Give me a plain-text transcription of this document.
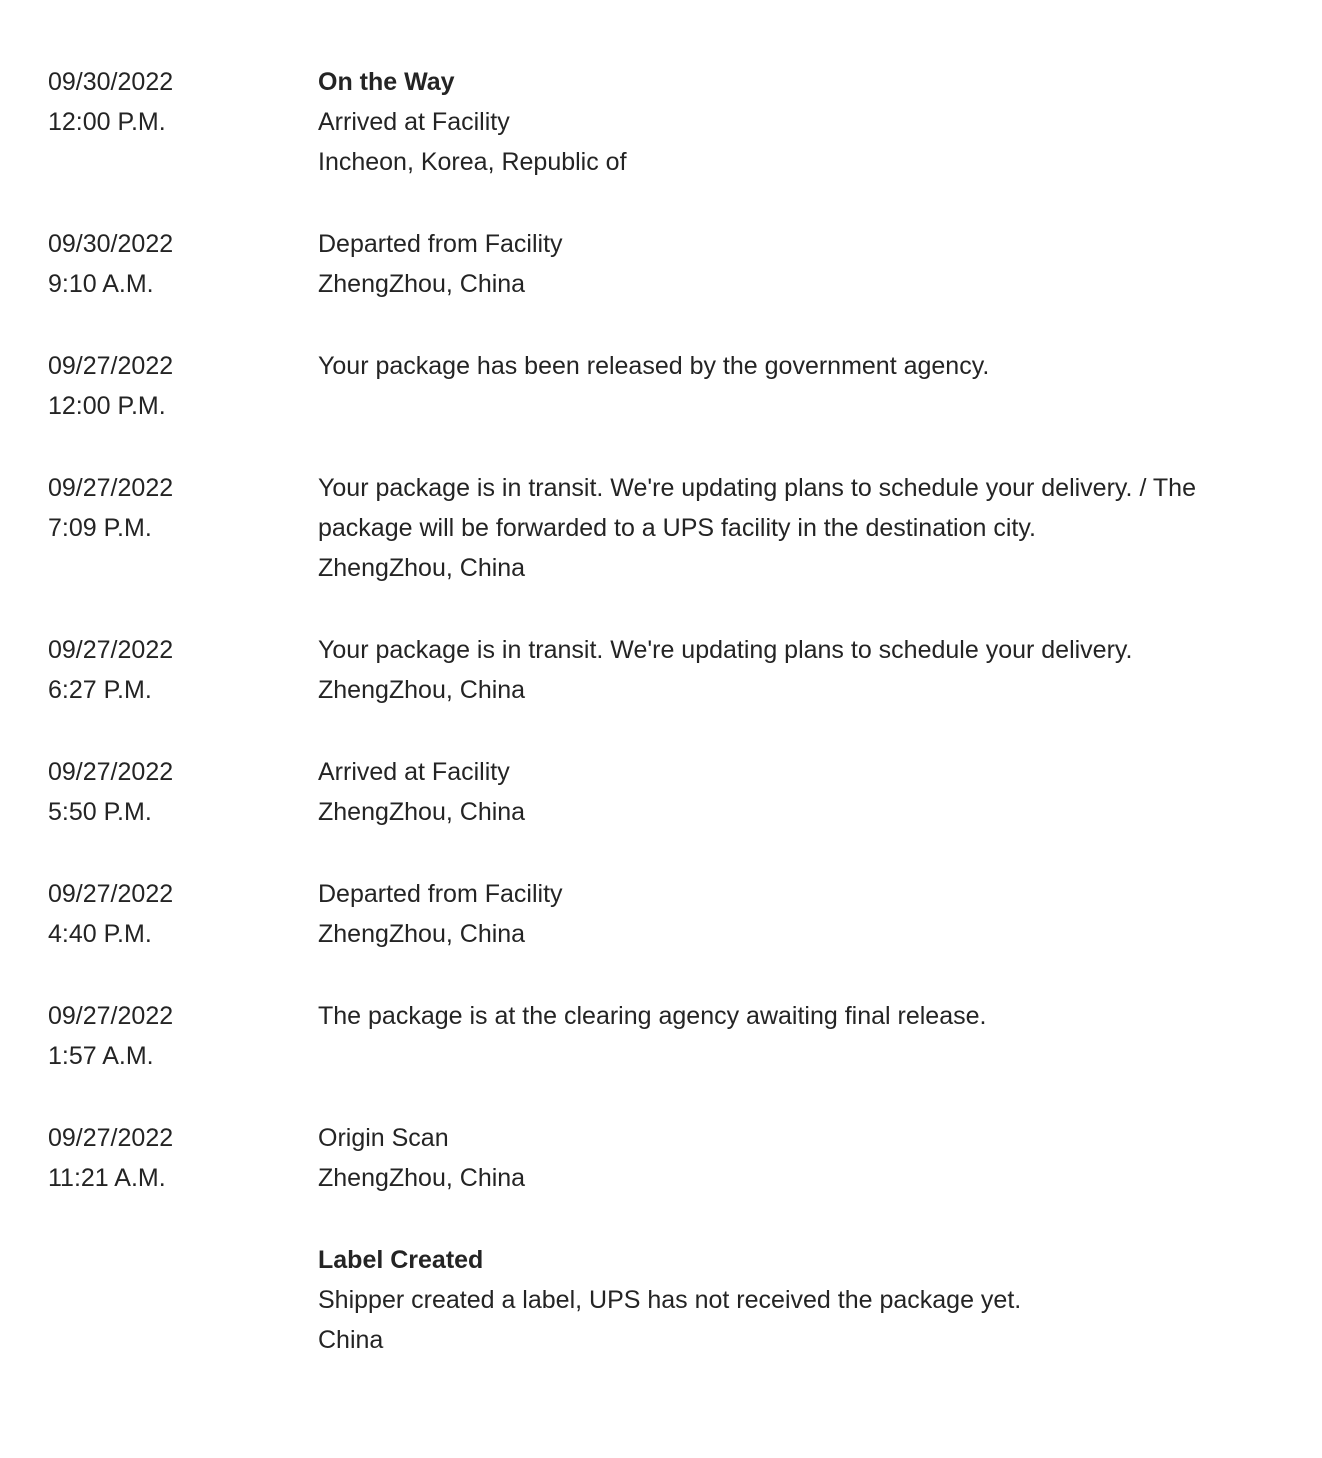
09/30/2022
12:00 P.M.
On the Way
Arrived at Facility
Incheon, Korea, Republic of
09/30/2022
9:10 A.M.
Departed from Facility
ZhengZhou, China
09/27/2022
12:00 P.M.
Your package has been released by the government agency.
09/27/2022
7:09 P.M.
Your package is in transit. We're updating plans to schedule your delivery. / The package will be forwarded to a UPS facility in the destination city.
ZhengZhou, China
09/27/2022
6:27 P.M.
Your package is in transit. We're updating plans to schedule your delivery.
ZhengZhou, China
09/27/2022
5:50 P.M.
Arrived at Facility
ZhengZhou, China
09/27/2022
4:40 P.M.
Departed from Facility
ZhengZhou, China
09/27/2022
1:57 A.M.
The package is at the clearing agency awaiting final release.
09/27/2022
11:21 A.M.
Origin Scan
ZhengZhou, China
Label Created
Shipper created a label, UPS has not received the package yet.
China
